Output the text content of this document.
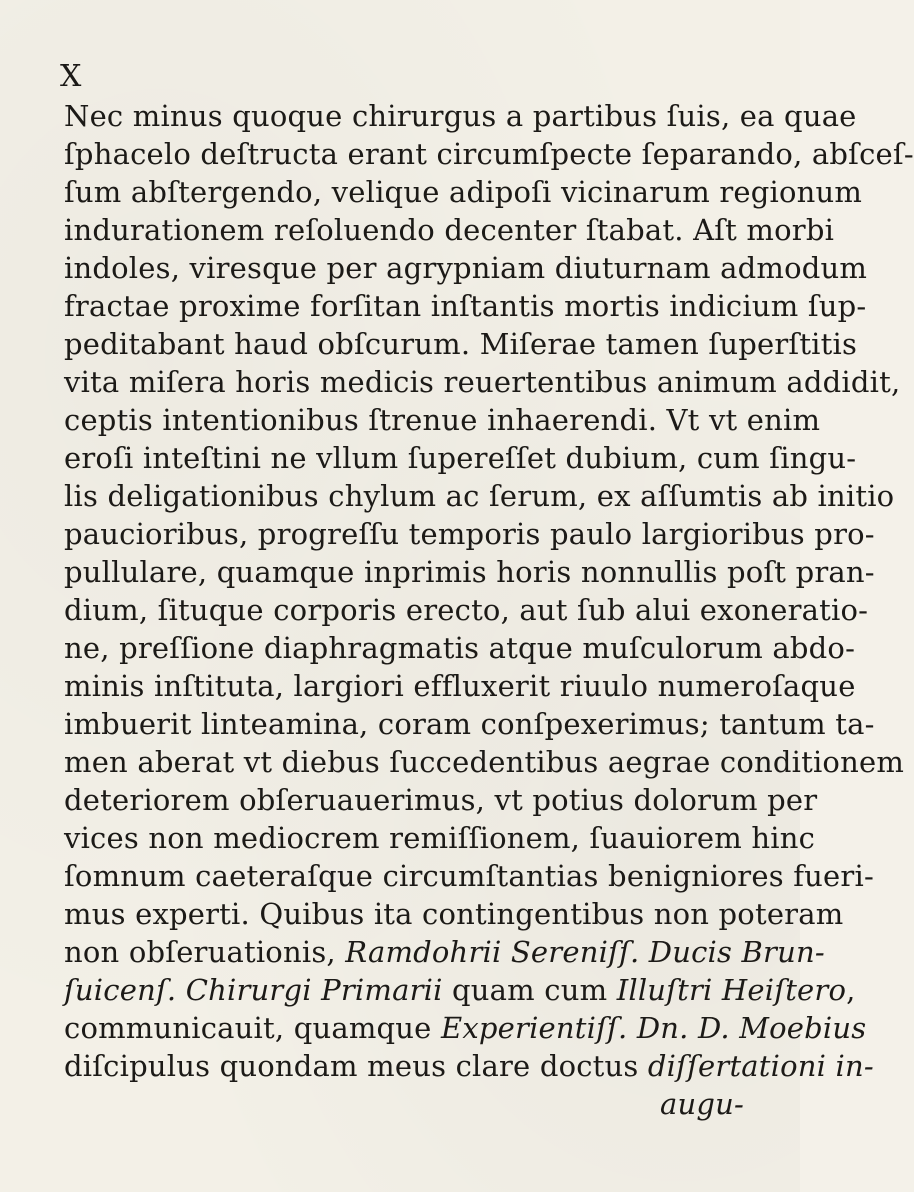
X
Nec minus quoque chirurgus a partibus ſuis, ea quae
ſphacelo deſtructa erant circumſpecte ſeparando, abſceſ-
ſum abſtergendo, velique adipoſi vicinarum regionum
indurationem reſoluendo decenter ſtabat. Aſt morbi
indoles, viresque per agrypniam diuturnam admodum
fractae proxime forſitan inſtantis mortis indicium ſup-
peditabant haud obſcurum. Miſerae tamen ſuperſtitis
vita miſera horis medicis reuertentibus animum addidit,
ceptis intentionibus ſtrenue inhaerendi. Vt vt enim
eroſi inteſtini ne vllum ſupereſſet dubium, cum ſingu-
lis deligationibus chylum ac ſerum, ex aſſumtis ab initio
paucioribus, progreſſu temporis paulo largioribus pro-
pullulare, quamque inprimis horis nonnullis poſt pran-
dium, ſituque corporis erecto, aut ſub alui exoneratio-
ne, preſſione diaphragmatis atque muſculorum abdo-
minis inſtituta, largiori effluxerit riuulo numeroſaque
imbuerit linteamina, coram conſpexerimus; tantum ta-
men aberat vt diebus ſuccedentibus aegrae conditionem
deteriorem obſeruauerimus, vt potius dolorum per
vices non mediocrem remiſſionem, ſuauiorem hinc
ſomnum caeteraſque circumſtantias benigniores fueri-
mus experti. Quibus ita contingentibus non poteram
non obſeruationis, Ramdohrii Sereniſſ. Ducis Brun-
ſuicenſ. Chirurgi Primarii quam cum Illuſtri Heiſtero,
communicauit, quamque Experientiſſ. Dn. D. Moebius
diſcipulus quondam meus clare doctus diſſertationi in-
augu-
